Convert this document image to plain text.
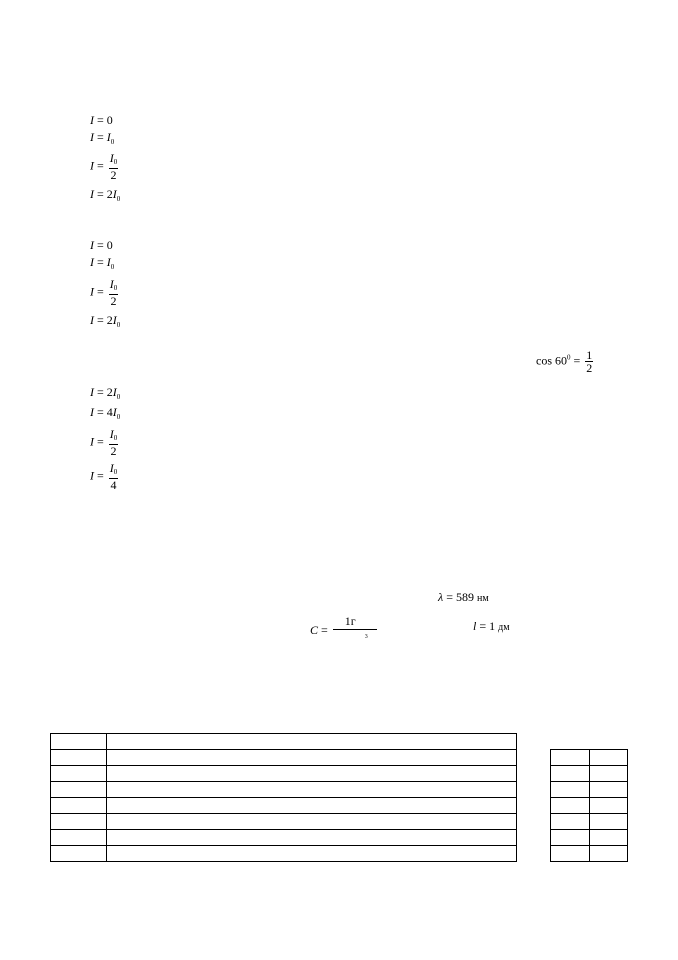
I = 0
$I = I_0$
$I = \frac{I_0}{2}$
$I = 2I_0$
I = 0
$I = I_0$
$I = \frac{I_0}{2}$
$I = 2I_0$
$\cos 60^0 = \frac{1}{2}$
$I = 2I_0$
$I = 4I_0$
$I = \frac{I_0}{2}$
$I = \frac{I_0}{4}$
λ = 589 нм
C =
1г
3
l = 1 дм
